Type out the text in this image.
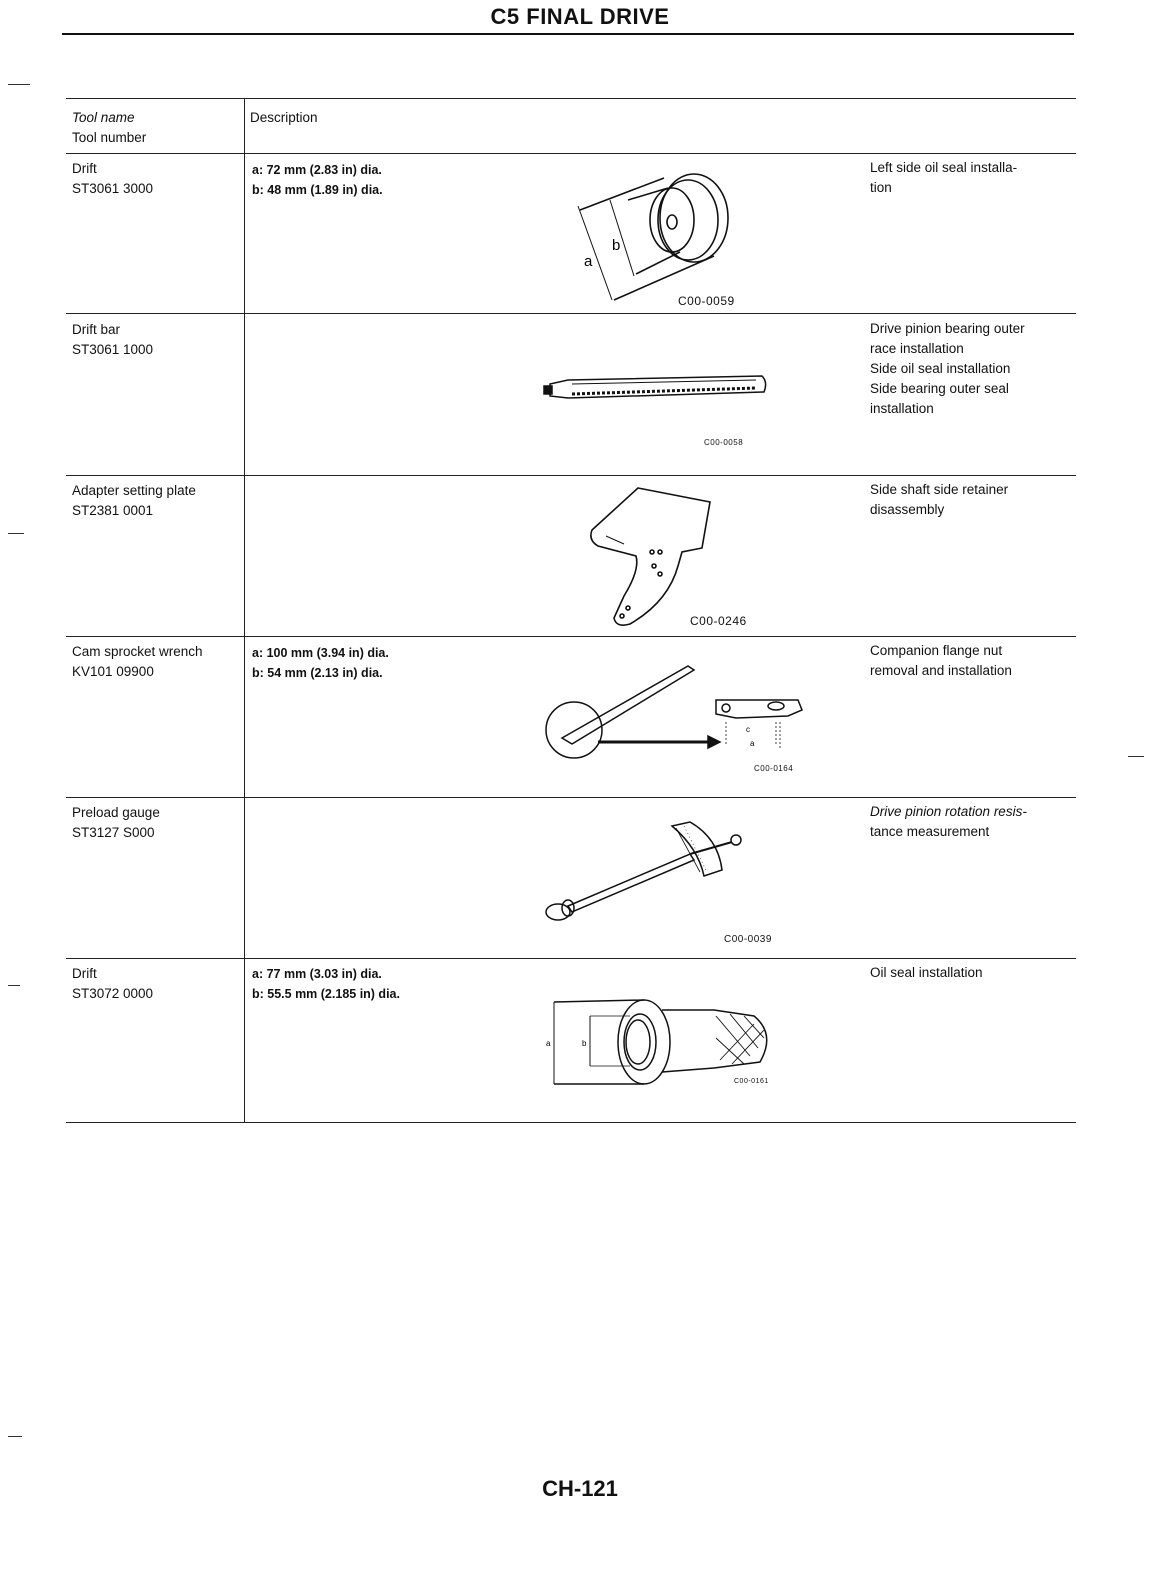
C5 FINAL DRIVE
Tool name
Tool number
Description
Drift
ST3061 3000
a: 72 mm (2.83 in) dia.
b: 48 mm (1.89 in) dia.
Left side oil seal installa-
tion
a
b
C00-0059
Drift bar
ST3061 1000
Drive pinion bearing outer
race installation
Side oil seal installation
Side bearing outer seal
installation
C00-0058
Adapter setting plate
ST2381 0001
Side shaft side retainer
disassembly
C00-0246
Cam sprocket wrench
KV101 09900
a: 100 mm (3.94 in) dia.
b: 54 mm (2.13 in) dia.
Companion flange nut
removal and installation
c
a
C00-0164
Preload gauge
ST3127 S000
Drive pinion rotation resis-
tance measurement
C00-0039
Drift
ST3072 0000
a: 77 mm (3.03 in) dia.
b: 55.5 mm (2.185 in) dia.
Oil seal installation
a	b
C00-0161
CH-121
